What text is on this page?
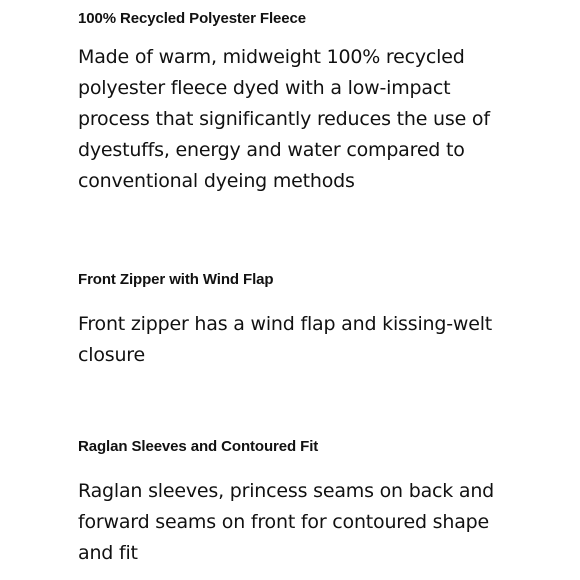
100% Recycled Polyester Fleece

Made of warm, midweight 100% recycled polyester fleece dyed with a low-impact process that significantly reduces the use of dyestuffs, energy and water compared to conventional dyeing methods

Front Zipper with Wind Flap

Front zipper has a wind flap and kissing-welt closure

Raglan Sleeves and Contoured Fit

Raglan sleeves, princess seams on back and forward seams on front for contoured shape and fit
